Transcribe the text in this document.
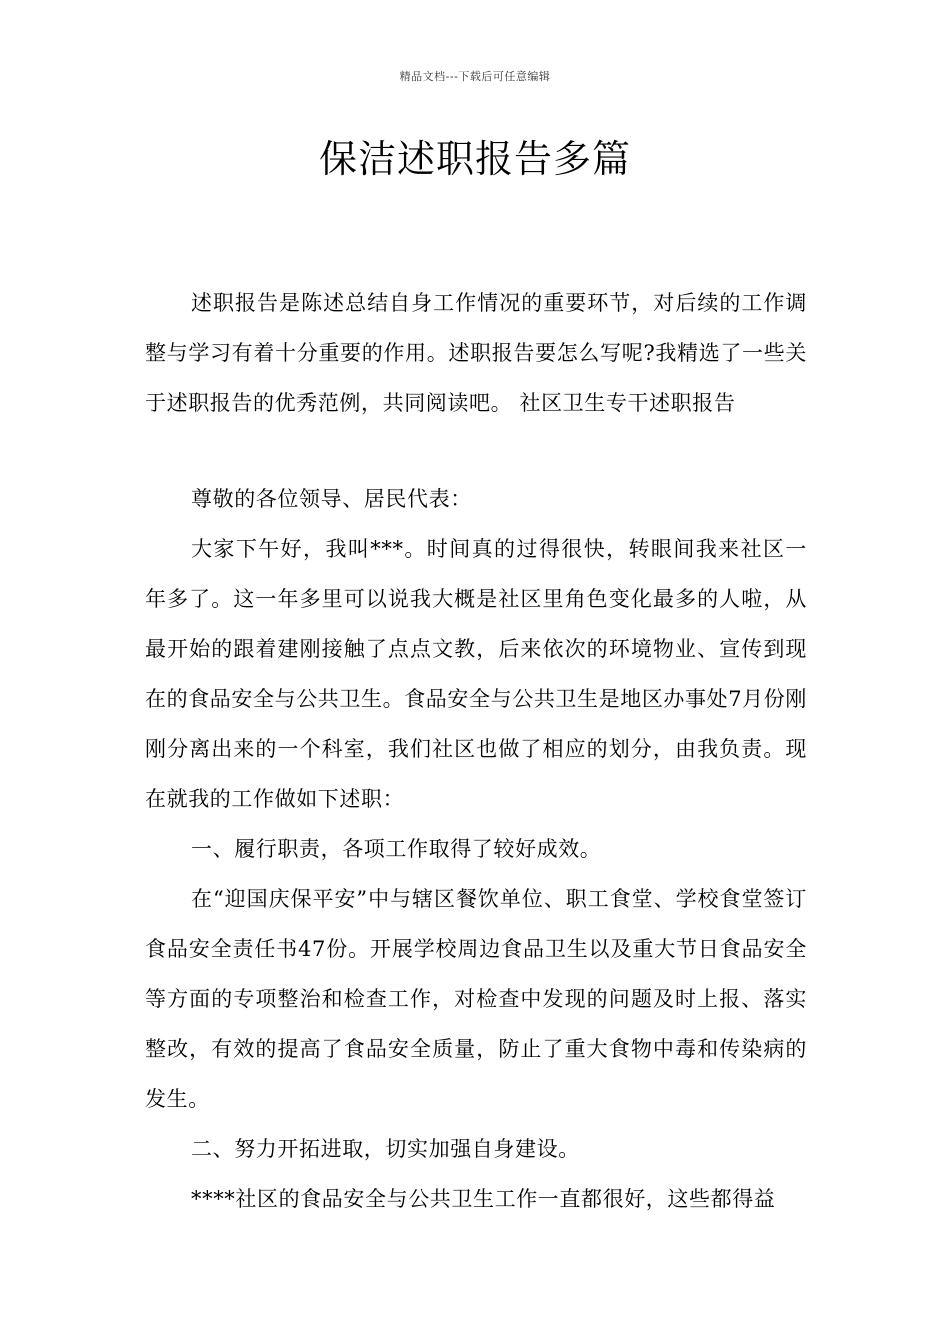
精品文档---下载后可任意编辑
保洁述职报告多篇

述职报告是陈述总结自身工作情况的重要环节，对后续的工作调整与学习有着十分重要的作用。述职报告要怎么写呢?我精选了一些关于述职报告的优秀范例，共同阅读吧。 社区卫生专干述职报告

尊敬的各位领导、居民代表：

大家下午好，我叫***。时间真的过得很快，转眼间我来社区一年多了。这一年多里可以说我大概是社区里角色变化最多的人啦，从最开始的跟着建刚接触了点点文教，后来依次的环境物业、宣传到现在的食品安全与公共卫生。食品安全与公共卫生是地区办事处7月份刚刚分离出来的一个科室，我们社区也做了相应的划分，由我负责。现在就我的工作做如下述职：

一、履行职责，各项工作取得了较好成效。

在“迎国庆保平安”中与辖区餐饮单位、职工食堂、学校食堂签订食品安全责任书47份。开展学校周边食品卫生以及重大节日食品安全等方面的专项整治和检查工作，对检查中发现的问题及时上报、落实整改，有效的提高了食品安全质量，防止了重大食物中毒和传染病的发生。

二、努力开拓进取，切实加强自身建设。

****社区的食品安全与公共卫生工作一直都很好，这些都得益
